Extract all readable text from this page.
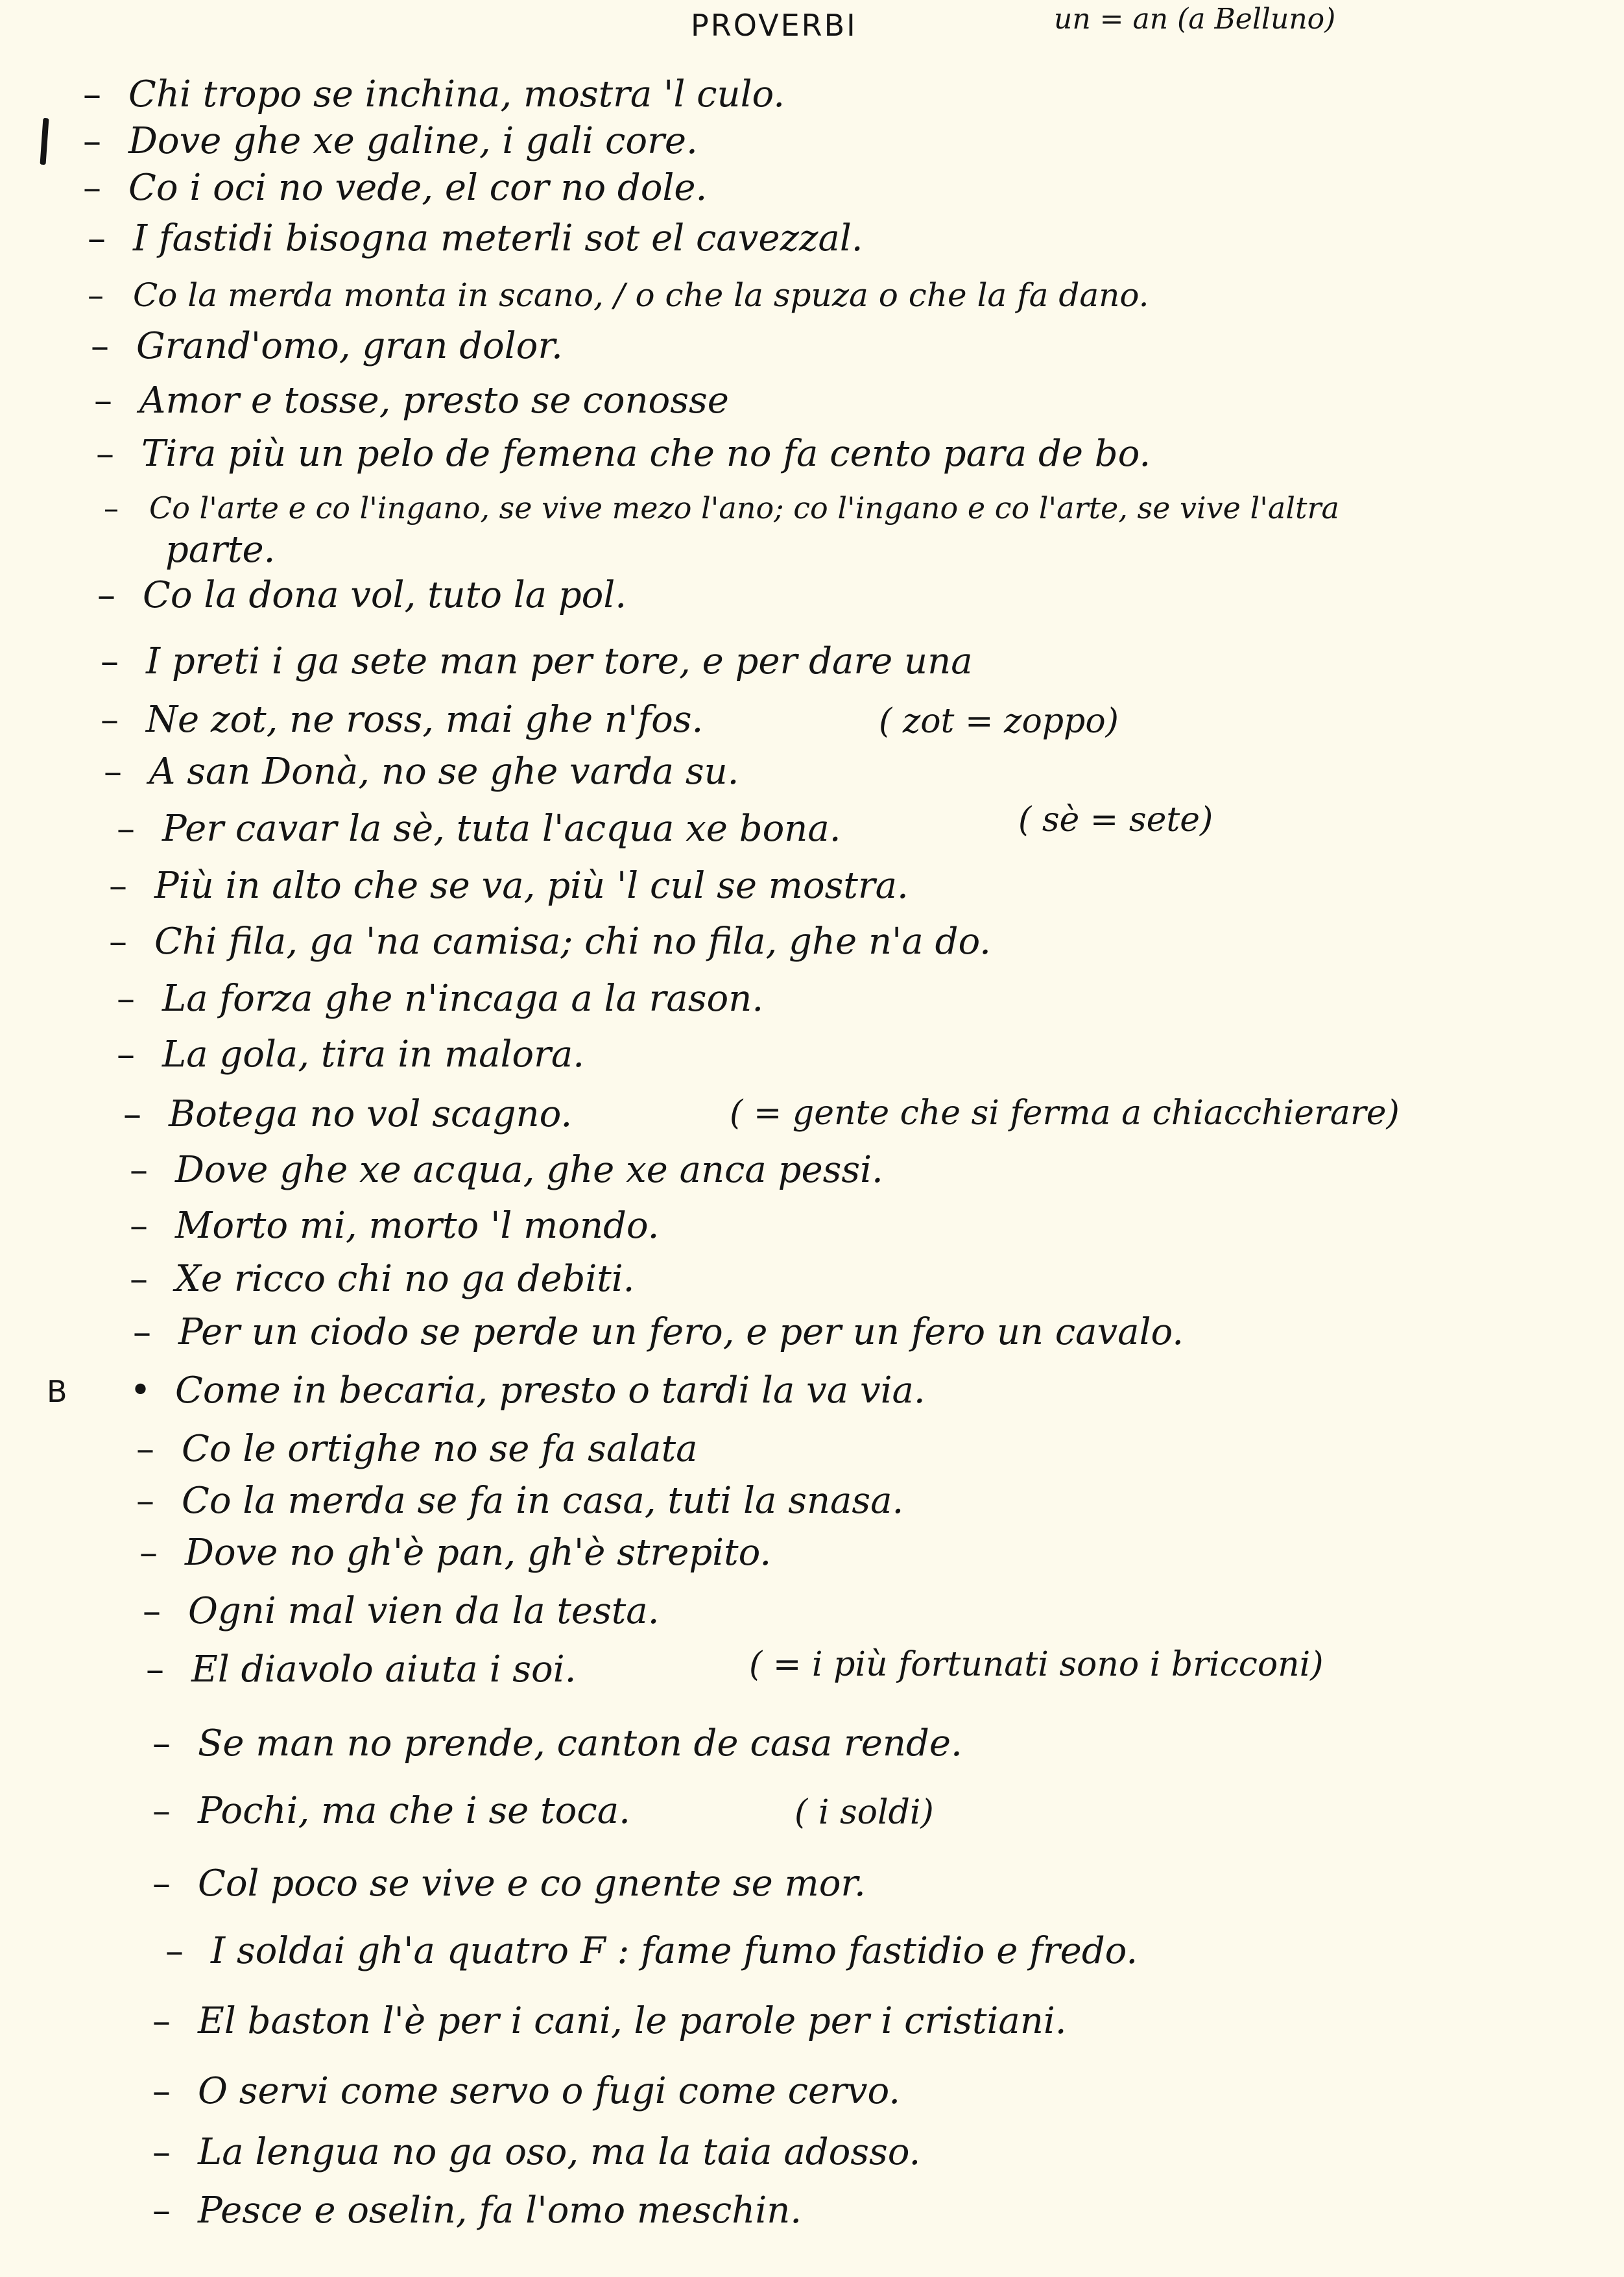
PROVERBI	un = an (a Belluno)
B
– Chi tropo se inchina, mostra 'l culo.
– Dove ghe xe galine, i gali core.
– Co i oci no vede, el cor no dole.
– I fastidi bisogna meterli sot el cavezzal.
– Co la merda monta in scano, / o che la spuza o che la fa dano.
– Grand'omo, gran dolor.
– Amor e tosse, presto se conosse
– Tira più un pelo de femena che no fa cento para de bo.
– Co l'arte e co l'ingano, se vive mezo l'ano; co l'ingano e co l'arte, se vive l'altra
parte.
– Co la dona vol, tuto la pol.
– I preti i ga sete man per tore, e per dare una
– Ne zot, ne ross, mai ghe n'fos.	( zot = zoppo)
– A san Donà, no se ghe varda su.
– Per cavar la sè, tuta l'acqua xe bona.	( sè = sete)
– Più in alto che se va, più 'l cul se mostra.
– Chi fila, ga 'na camisa; chi no fila, ghe n'a do.
– La forza ghe n'incaga a la rason.
– La gola, tira in malora.
– Botega no vol scagno.	( = gente che si ferma a chiacchierare)
– Dove ghe xe acqua, ghe xe anca pessi.
– Morto mi, morto 'l mondo.
– Xe ricco chi no ga debiti.
– Per un ciodo se perde un fero, e per un fero un cavalo.
• Come in becaria, presto o tardi la va via.
– Co le ortighe no se fa salata
– Co la merda se fa in casa, tuti la snasa.
– Dove no gh'è pan, gh'è strepito.
– Ogni mal vien da la testa.
– El diavolo aiuta i soi.	( = i più fortunati sono i bricconi)
– Se man no prende, canton de casa rende.
– Pochi, ma che i se toca.	( i soldi)
– Col poco se vive e co gnente se mor.
– I soldai gh'a quatro F : fame fumo fastidio e fredo.
– El baston l'è per i cani, le parole per i cristiani.
– O servi come servo o fugi come cervo.
– La lengua no ga oso, ma la taia adosso.
– Pesce e oselin, fa l'omo meschin.
